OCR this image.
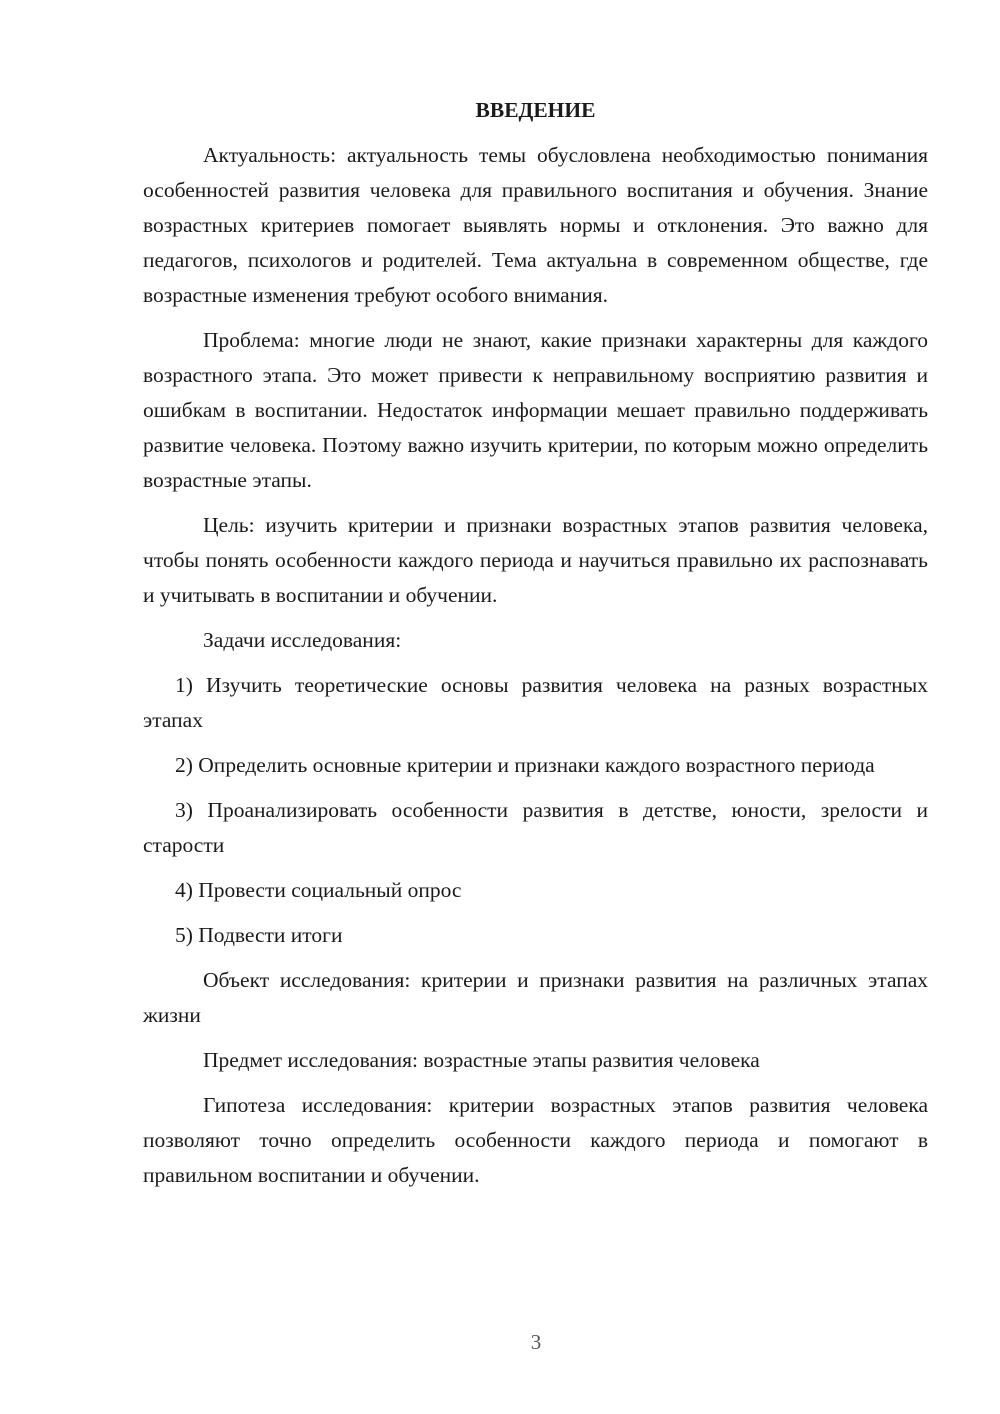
ВВЕДЕНИЕ

Актуальность: актуальность темы обусловлена необходимостью понимания особенностей развития человека для правильного воспитания и обучения. Знание возрастных критериев помогает выявлять нормы и отклонения. Это важно для педагогов, психологов и родителей. Тема актуальна в современном обществе, где возрастные изменения требуют особого внимания.

Проблема: многие люди не знают, какие признаки характерны для каждого возрастного этапа. Это может привести к неправильному восприятию развития и ошибкам в воспитании. Недостаток информации мешает правильно поддерживать развитие человека. Поэтому важно изучить критерии, по которым можно определить возрастные этапы.

Цель: изучить критерии и признаки возрастных этапов развития человека, чтобы понять особенности каждого периода и научиться правильно их распознавать и учитывать в воспитании и обучении.

Задачи исследования:

1) Изучить теоретические основы развития человека на разных возрастных этапах

2) Определить основные критерии и признаки каждого возрастного периода

3) Проанализировать особенности развития в детстве, юности, зрелости и старости

4) Провести социальный опрос

5) Подвести итоги

Объект исследования: критерии и признаки развития на различных этапах жизни

Предмет исследования: возрастные этапы развития человека

Гипотеза исследования: критерии возрастных этапов развития человека позволяют точно определить особенности каждого периода и помогают в правильном воспитании и обучении.

3
